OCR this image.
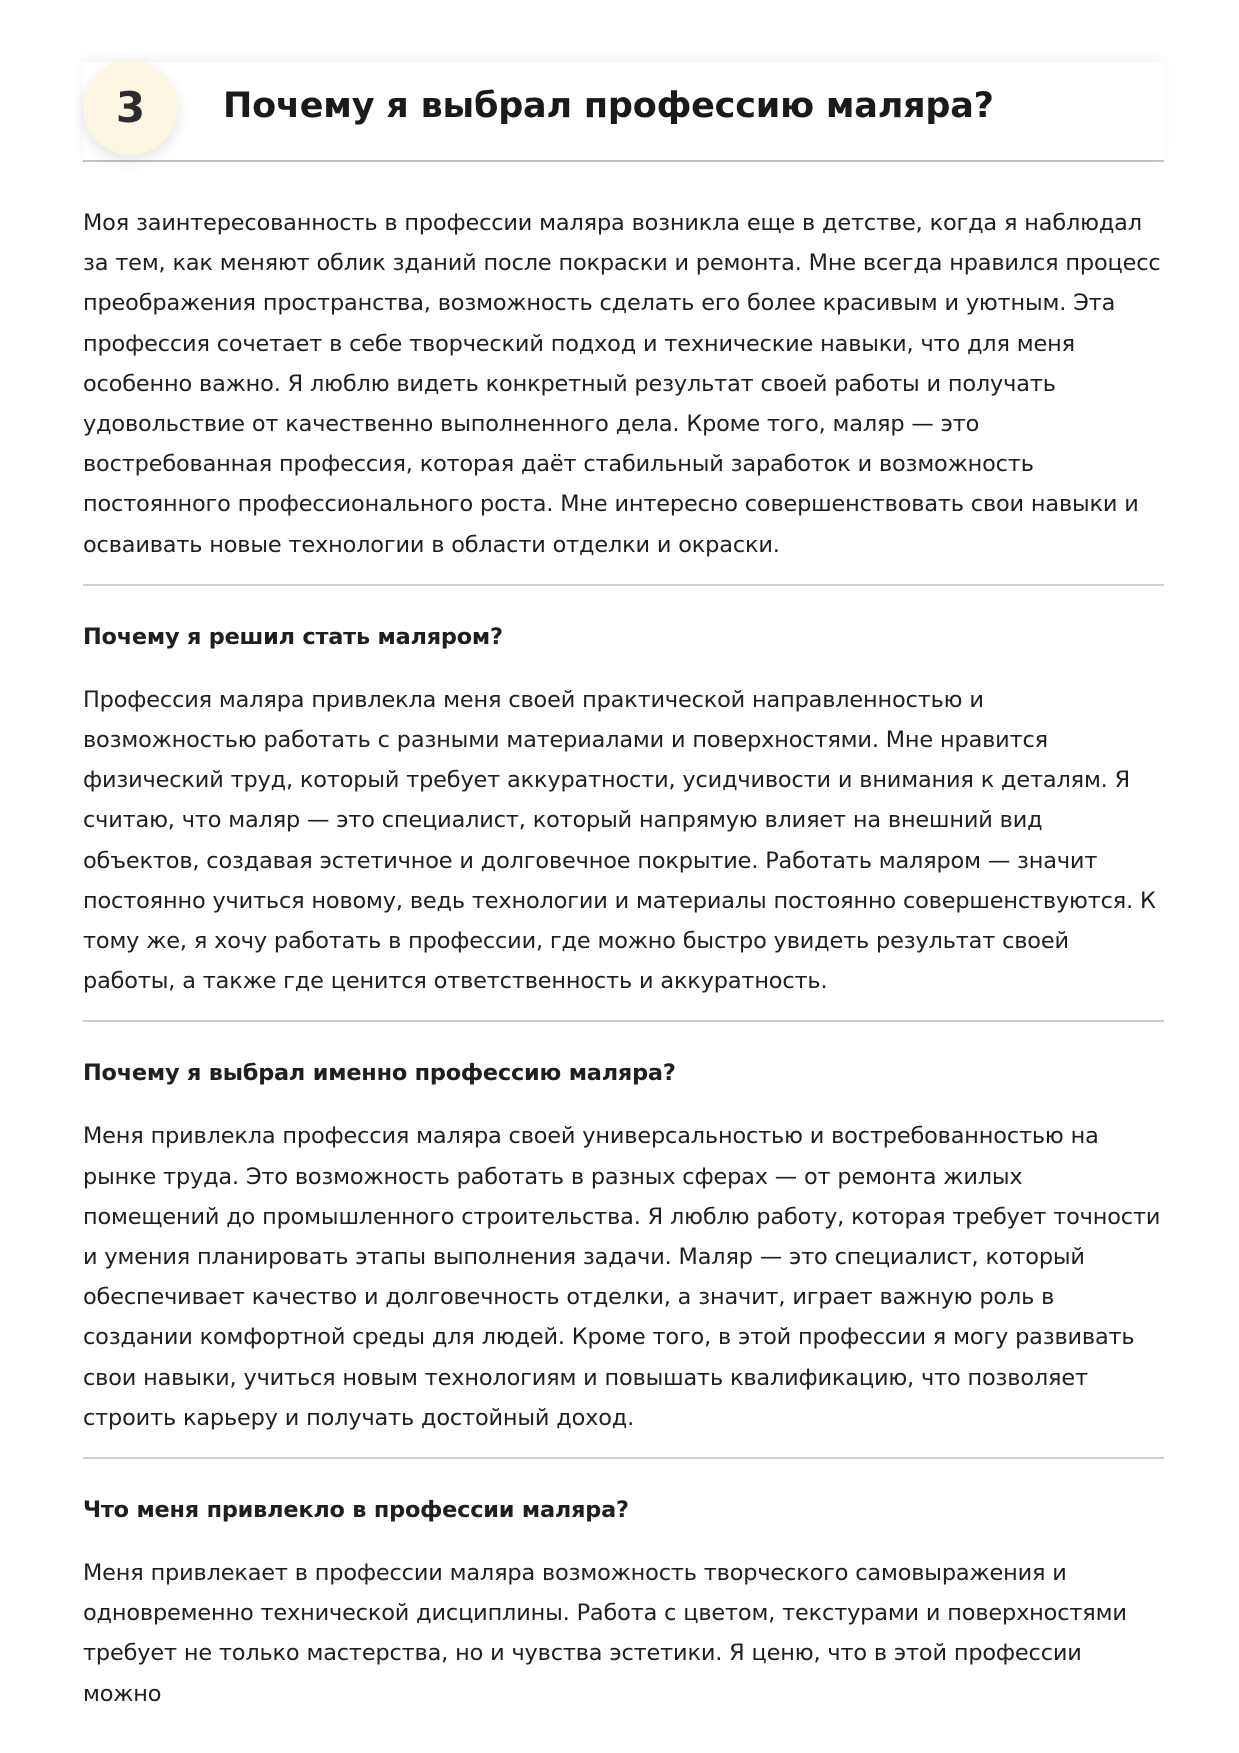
3	Почему я выбрал профессию маляра?

Моя заинтересованность в профессии маляра возникла еще в детстве, когда я наблюдал за тем, как меняют облик зданий после покраски и ремонта. Мне всегда нравился процесс преображения пространства, возможность сделать его более красивым и уютным. Эта профессия сочетает в себе творческий подход и технические навыки, что для меня особенно важно. Я люблю видеть конкретный результат своей работы и получать удовольствие от качественно выполненного дела. Кроме того, маляр — это востребованная профессия, которая даёт стабильный заработок и возможность постоянного профессионального роста. Мне интересно совершенствовать свои навыки и осваивать новые технологии в области отделки и окраски.

Почему я решил стать маляром?

Профессия маляра привлекла меня своей практической направленностью и возможностью работать с разными материалами и поверхностями. Мне нравится физический труд, который требует аккуратности, усидчивости и внимания к деталям. Я считаю, что маляр — это специалист, который напрямую влияет на внешний вид объектов, создавая эстетичное и долговечное покрытие. Работать маляром — значит постоянно учиться новому, ведь технологии и материалы постоянно совершенствуются. К тому же, я хочу работать в профессии, где можно быстро увидеть результат своей работы, а также где ценится ответственность и аккуратность.

Почему я выбрал именно профессию маляра?

Меня привлекла профессия маляра своей универсальностью и востребованностью на рынке труда. Это возможность работать в разных сферах — от ремонта жилых помещений до промышленного строительства. Я люблю работу, которая требует точности и умения планировать этапы выполнения задачи. Маляр — это специалист, который обеспечивает качество и долговечность отделки, а значит, играет важную роль в создании комфортной среды для людей. Кроме того, в этой профессии я могу развивать свои навыки, учиться новым технологиям и повышать квалификацию, что позволяет строить карьеру и получать достойный доход.

Что меня привлекло в профессии маляра?

Меня привлекает в профессии маляра возможность творческого самовыражения и одновременно технической дисциплины. Работа с цветом, текстурами и поверхностями требует не только мастерства, но и чувства эстетики. Я ценю, что в этой профессии можно
